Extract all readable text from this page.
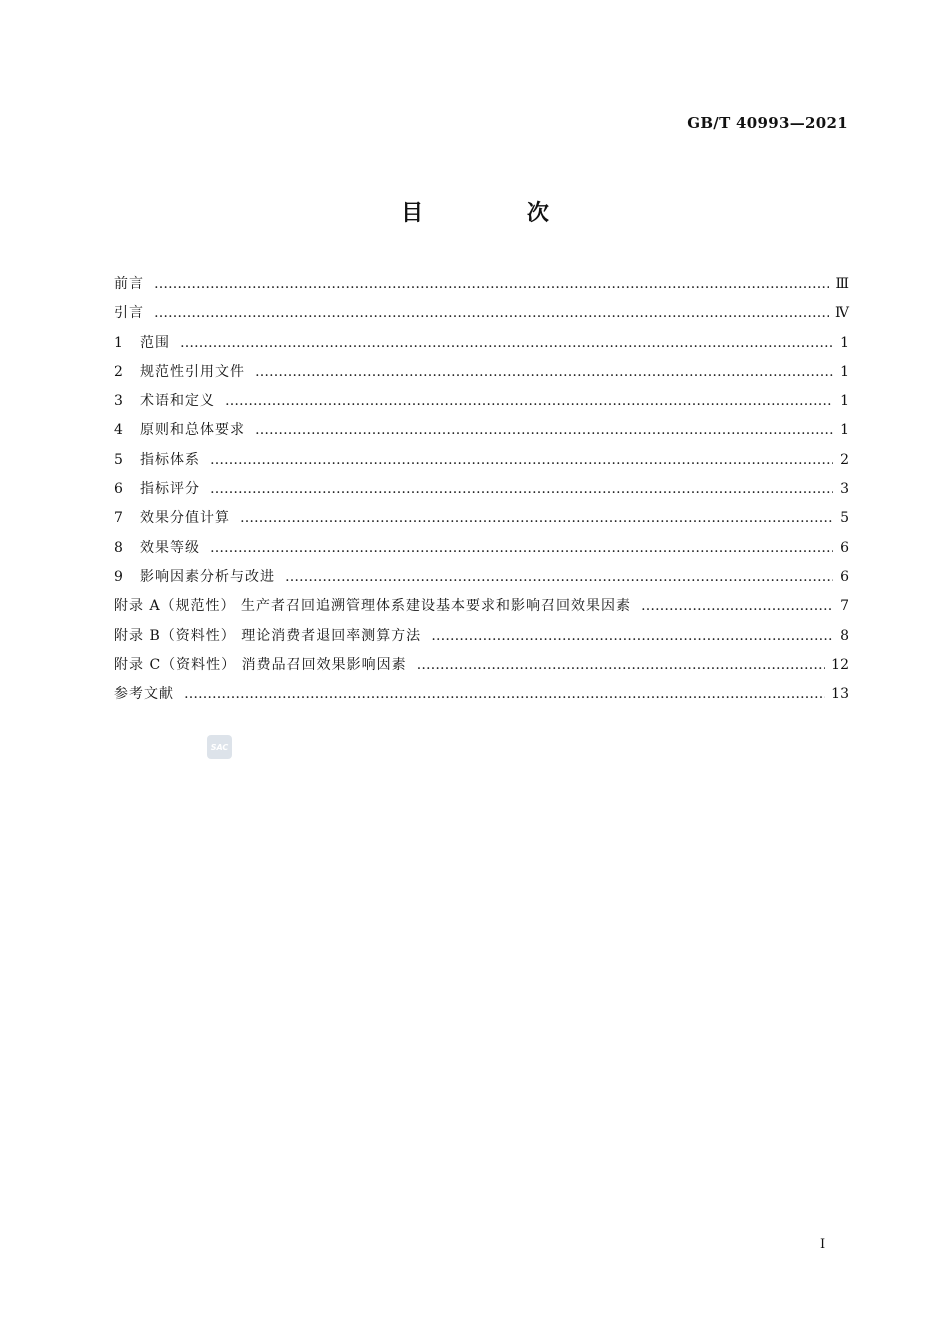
GB/T 40993—2021
目 次
前言 ………………………………………………………………………………………………………………………………………………………………………………………………………	Ⅲ
引言 ………………………………………………………………………………………………………………………………………………………………………………………………………	Ⅳ
1	范围 ………………………………………………………………………………………………………………………………………………………………………………………………………	1
2	规范性引用文件 ………………………………………………………………………………………………………………………………………………………………………………………………………	1
3	术语和定义 ………………………………………………………………………………………………………………………………………………………………………………………………………	1
4	原则和总体要求 ………………………………………………………………………………………………………………………………………………………………………………………………………	1
5	指标体系 ………………………………………………………………………………………………………………………………………………………………………………………………………	2
6	指标评分 ………………………………………………………………………………………………………………………………………………………………………………………………………	3
7	效果分值计算 ………………………………………………………………………………………………………………………………………………………………………………………………………	5
8	效果等级 ………………………………………………………………………………………………………………………………………………………………………………………………………	6
9	影响因素分析与改进 ………………………………………………………………………………………………………………………………………………………………………………………………………	6
附录 A（规范性） 生产者召回追溯管理体系建设基本要求和影响召回效果因素 ………………………………………………………………………………………………………………………………………………………………………………………………………	7
附录 B（资料性） 理论消费者退回率测算方法 ………………………………………………………………………………………………………………………………………………………………………………………………………	8
附录 C（资料性） 消费品召回效果影响因素 ………………………………………………………………………………………………………………………………………………………………………………………………………	12
参考文献 ………………………………………………………………………………………………………………………………………………………………………………………………………	13
SAC
Ⅰ
